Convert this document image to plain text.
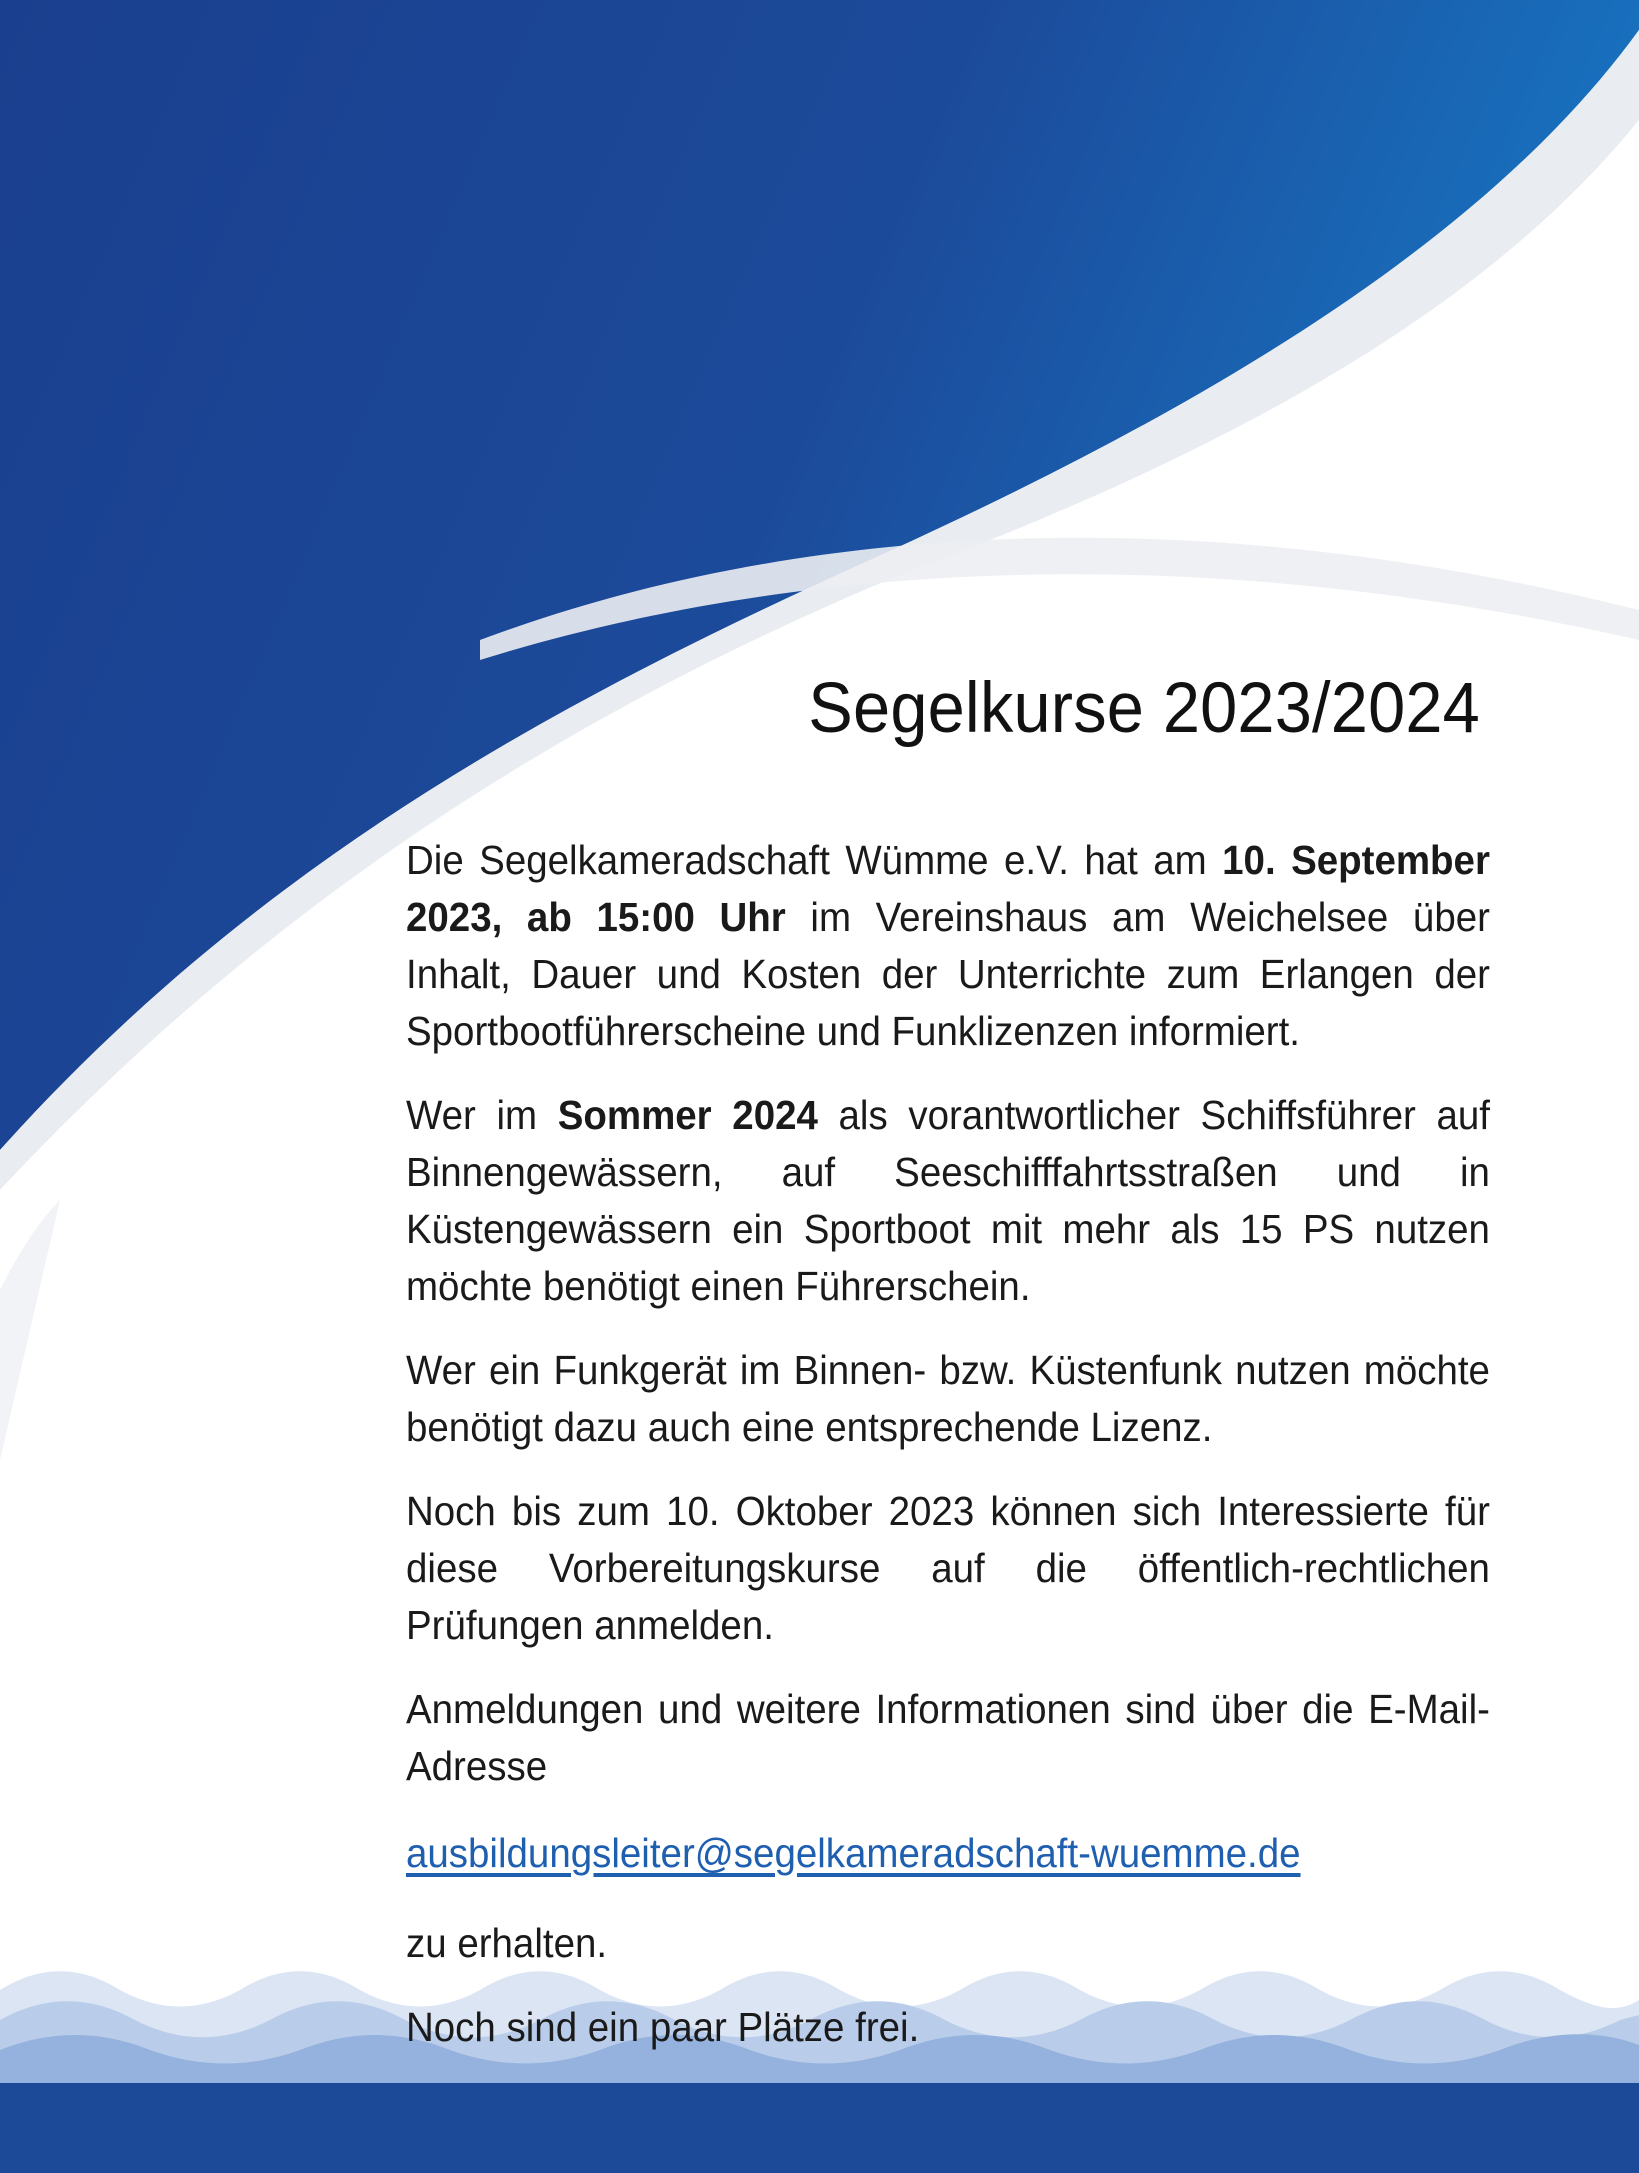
Segelkurse 2023/2024

Die Segelkameradschaft Wümme e.V. hat am 10. September 2023, ab 15:00 Uhr im Vereinshaus am Weichelsee über Inhalt, Dauer und Kosten der Unterrichte zum Erlangen der Sportbootführerscheine und Funklizenzen informiert.

Wer im Sommer 2024 als vorantwortlicher Schiffsführer auf Binnengewässern, auf Seeschifffahrtsstraßen und in Küstengewässern ein Sportboot mit mehr als 15 PS nutzen möchte benötigt einen Führerschein.

Wer ein Funkgerät im Binnen- bzw. Küstenfunk nutzen möchte benötigt dazu auch eine entsprechende Lizenz.

Noch bis zum 10. Oktober 2023 können sich Interessierte für diese Vorbereitungskurse auf die öffentlich-rechtlichen Prüfungen anmelden.

Anmeldungen und weitere Informationen sind über die E-Mail-Adresse

ausbildungsleiter@segelkameradschaft-wuemme.de

zu erhalten.

Noch sind ein paar Plätze frei.
